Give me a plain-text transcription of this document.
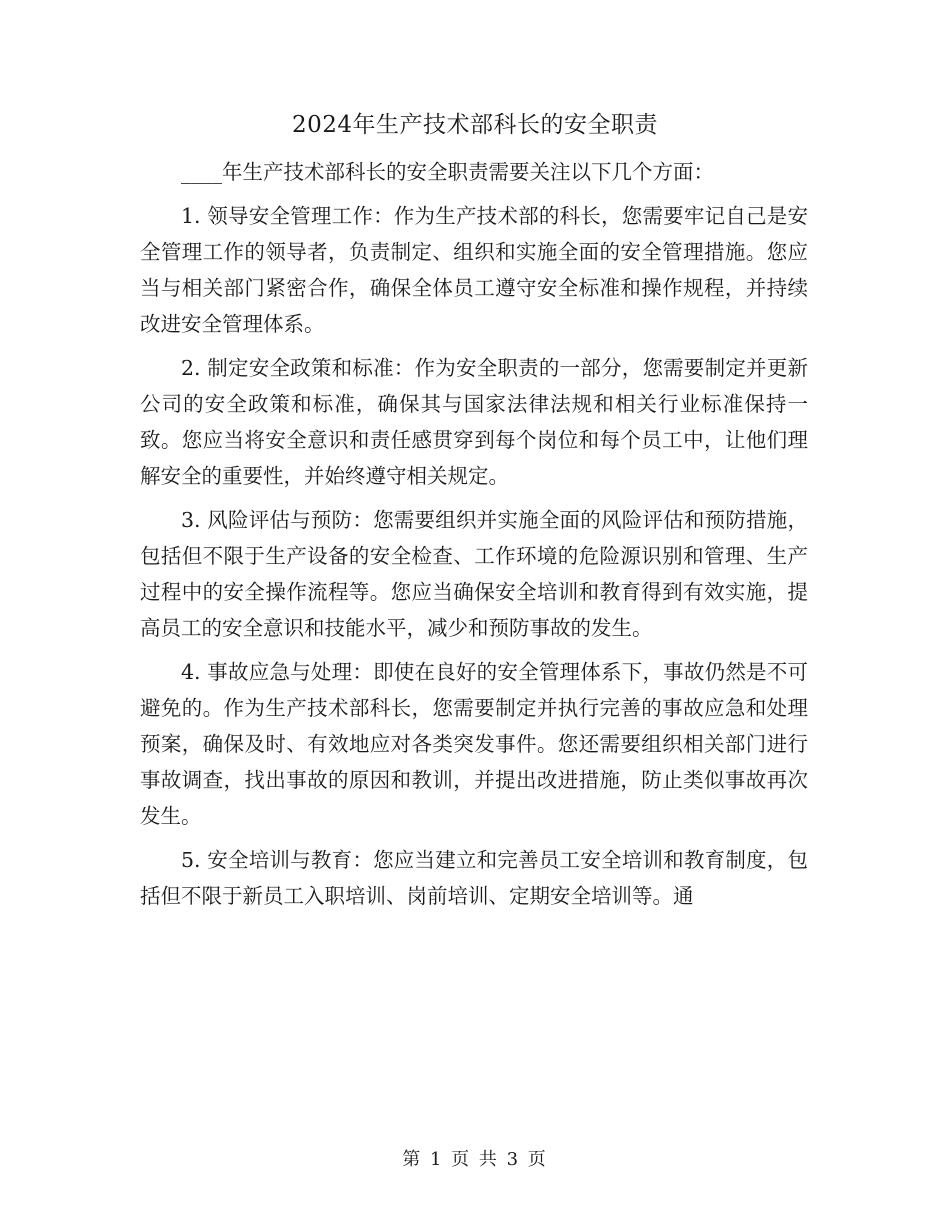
2024年生产技术部科长的安全职责

____年生产技术部科长的安全职责需要关注以下几个方面：

1. 领导安全管理工作：作为生产技术部的科长，您需要牢记自己是安全管理工作的领导者，负责制定、组织和实施全面的安全管理措施。您应当与相关部门紧密合作，确保全体员工遵守安全标准和操作规程，并持续改进安全管理体系。

2. 制定安全政策和标准：作为安全职责的一部分，您需要制定并更新公司的安全政策和标准，确保其与国家法律法规和相关行业标准保持一致。您应当将安全意识和责任感贯穿到每个岗位和每个员工中，让他们理解安全的重要性，并始终遵守相关规定。

3. 风险评估与预防：您需要组织并实施全面的风险评估和预防措施，包括但不限于生产设备的安全检查、工作环境的危险源识别和管理、生产过程中的安全操作流程等。您应当确保安全培训和教育得到有效实施，提高员工的安全意识和技能水平，减少和预防事故的发生。

4. 事故应急与处理：即使在良好的安全管理体系下，事故仍然是不可避免的。作为生产技术部科长，您需要制定并执行完善的事故应急和处理预案，确保及时、有效地应对各类突发事件。您还需要组织相关部门进行事故调查，找出事故的原因和教训，并提出改进措施，防止类似事故再次发生。

5. 安全培训与教育：您应当建立和完善员工安全培训和教育制度，包括但不限于新员工入职培训、岗前培训、定期安全培训等。通

第 1 页 共 3 页
